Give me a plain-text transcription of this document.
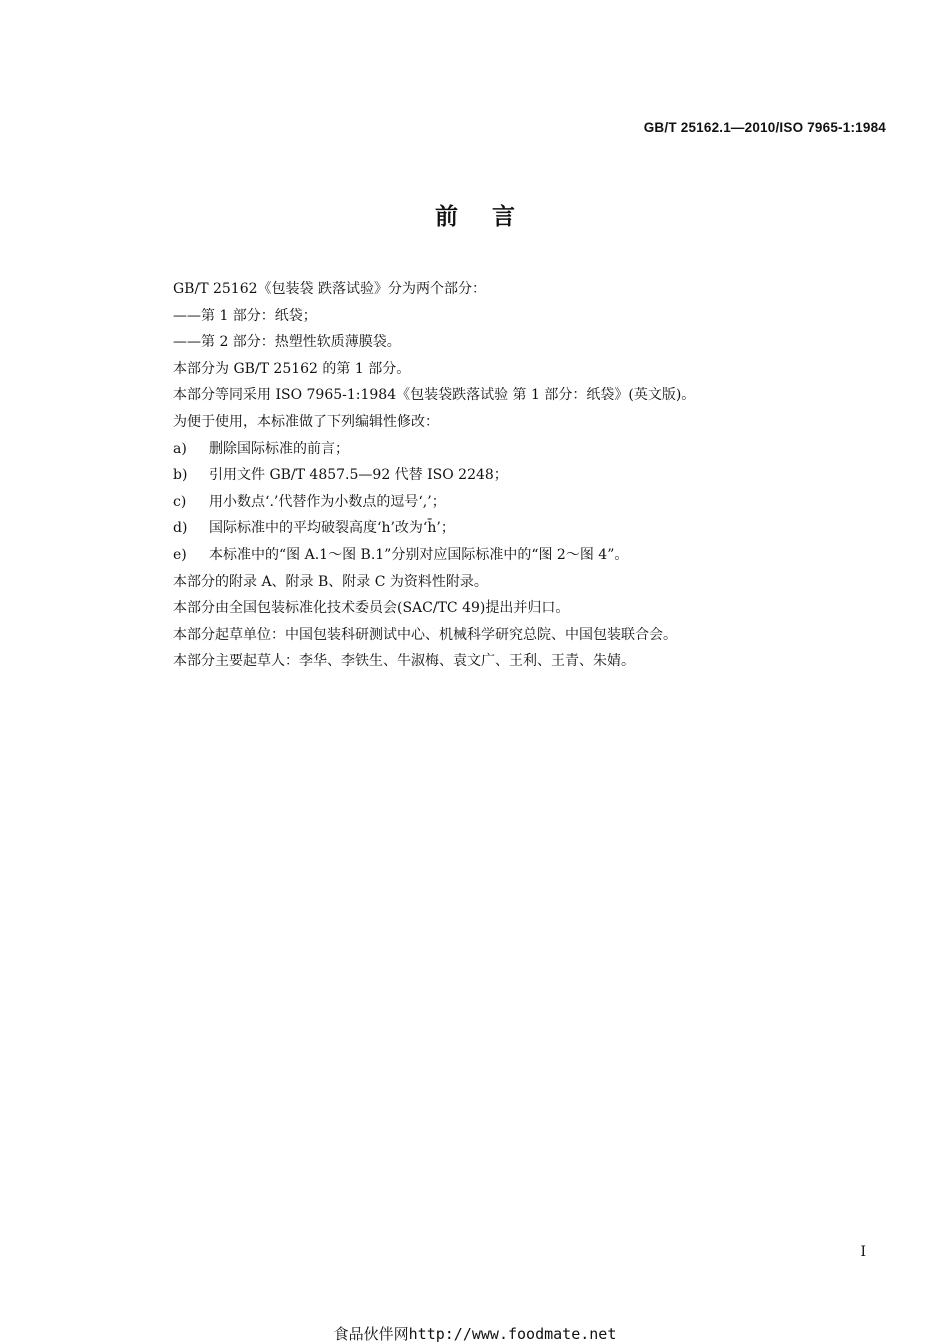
GB/T 25162.1—2010/ISO 7965-1:1984
前言
GB/T 25162《包装袋 跌落试验》分为两个部分：
——第 1 部分：纸袋；
——第 2 部分：热塑性软质薄膜袋。
本部分为 GB/T 25162 的第 1 部分。
本部分等同采用 ISO 7965-1:1984《包装袋跌落试验 第 1 部分：纸袋》(英文版)。
为便于使用，本标准做了下列编辑性修改：
a) 删除国际标准的前言；
b) 引用文件 GB/T 4857.5—92 代替 ISO 2248；
c) 用小数点‘.’代替作为小数点的逗号‘,’；
d) 国际标准中的平均破裂高度‘h’改为‘h̄’；
e) 本标准中的“图 A.1～图 B.1”分别对应国际标准中的“图 2～图 4”。
本部分的附录 A、附录 B、附录 C 为资料性附录。
本部分由全国包装标准化技术委员会(SAC/TC 49)提出并归口。
本部分起草单位：中国包装科研测试中心、机械科学研究总院、中国包装联合会。
本部分主要起草人：李华、李铁生、牛淑梅、袁文广、王利、王青、朱婧。
I
食品伙伴网http://www.foodmate.net
